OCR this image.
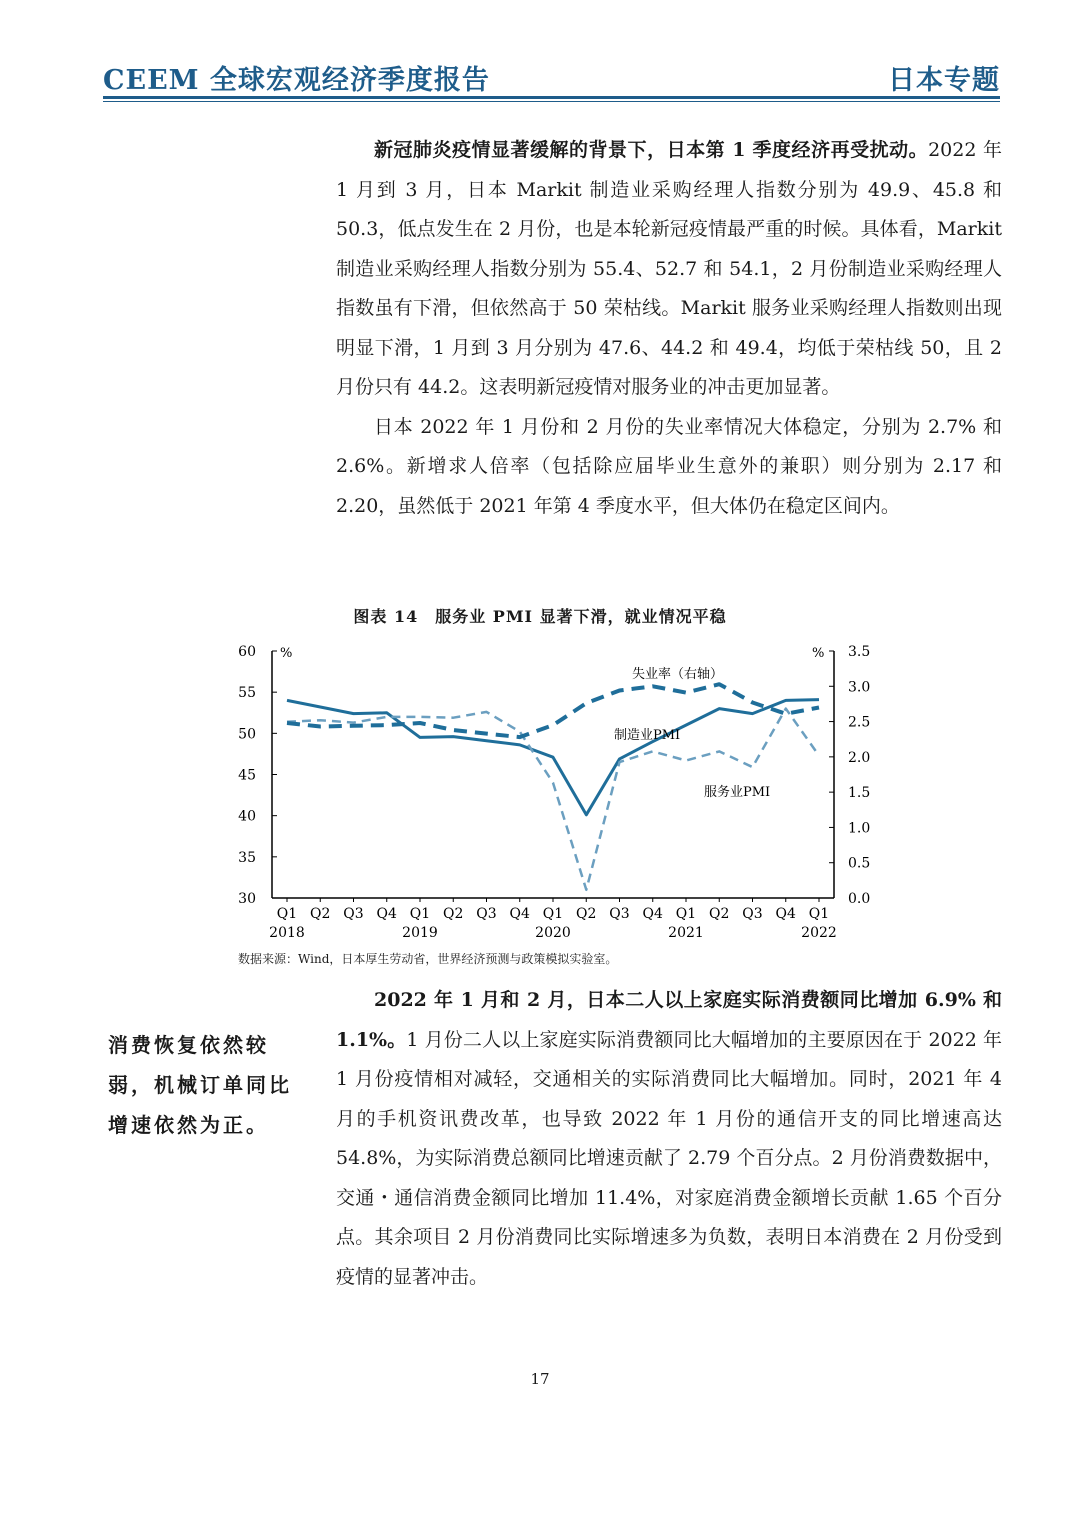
CEEM 全球宏观经济季度报告	日本专题

新冠肺炎疫情显著缓解的背景下，日本第 1 季度经济再受扰动。2022 年 1 月到 3 月，日本 Markit 制造业采购经理人指数分别为 49.9、45.8 和 50.3，低点发生在 2 月份，也是本轮新冠疫情最严重的时候。具体看，Markit 制造业采购经理人指数分别为 55.4、52.7 和 54.1，2 月份制造业采购经理人指数虽有下滑，但依然高于 50 荣枯线。Markit 服务业采购经理人指数则出现明显下滑，1 月到 3 月分别为 47.6、44.2 和 49.4，均低于荣枯线 50，且 2 月份只有 44.2。这表明新冠疫情对服务业的冲击更加显著。

日本 2022 年 1 月份和 2 月份的失业率情况大体稳定，分别为 2.7% 和 2.6%。新增求人倍率（包括除应届毕业生意外的兼职）则分别为 2.17 和 2.20，虽然低于 2021 年第 4 季度水平，但大体仍在稳定区间内。

图表 14　服务业 PMI 显著下滑，就业情况平稳
30
35
40
45
50
55
60
0.0
0.5
1.0
1.5
2.0
2.5
3.0
3.5
%	%
Q1 Q2 Q3 Q4 Q1 Q2 Q3 Q4 Q1 Q2 Q3 Q4 Q1 Q2 Q3 Q4 Q1
2018	2019	2020	2021	2022
失业率（右轴）
制造业PMI
服务业PMI
数据来源：Wind，日本厚生劳动省，世界经济预测与政策模拟实验室。
消费恢复依然较弱，机械订单同比增速依然为正。

2022 年 1 月和 2 月，日本二人以上家庭实际消费额同比增加 6.9% 和 1.1%。1 月份二人以上家庭实际消费额同比大幅增加的主要原因在于 2022 年 1 月份疫情相对减轻，交通相关的实际消费同比大幅增加。同时，2021 年 4 月的手机资讯费改革，也导致 2022 年 1 月份的通信开支的同比增速高达 54.8%，为实际消费总额同比增速贡献了 2.79 个百分点。2 月份消费数据中，交通・通信消费金额同比增加 11.4%，对家庭消费金额增长贡献 1.65 个百分点。其余项目 2 月份消费同比实际增速多为负数，表明日本消费在 2 月份受到疫情的显著冲击。

17
